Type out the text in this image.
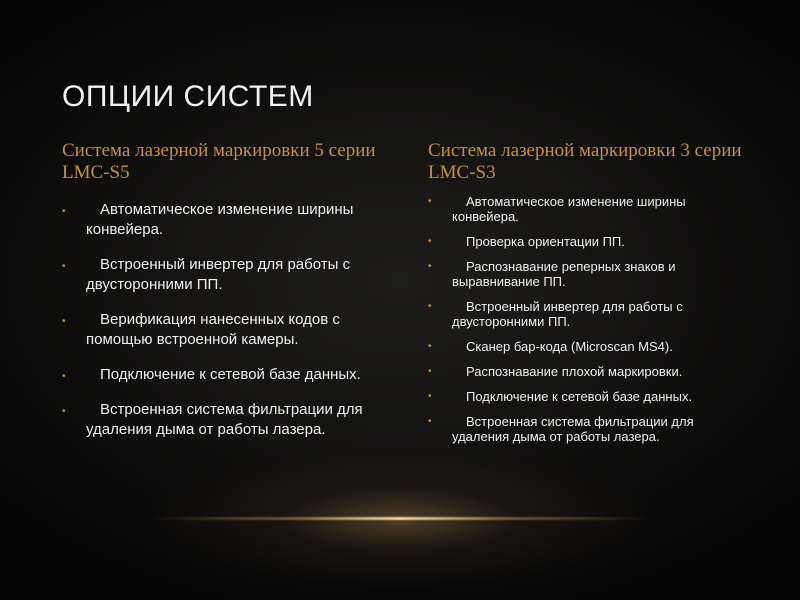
ОПЦИИ СИСТЕМ
Система лазерной маркировки 5 серии LMC-S5
•	Автоматическое изменение ширины конвейера.
•	Встроенный инвертер для работы с двусторонними ПП.
•	Верификация нанесенных кодов с помощью встроенной камеры.
•	Подключение к сетевой базе данных.
•	Встроенная система фильтрации для удаления дыма от работы лазера.
Система лазерной маркировки 3 серии LMC-S3
•	Автоматическое изменение ширины конвейера.
•	Проверка ориентации ПП.
•	Распознавание реперных знаков и выравнивание ПП.
•	Встроенный инвертер для работы с двусторонними ПП.
•	Сканер бар-кода (Microscan MS4).
•	Распознавание плохой маркировки.
•	Подключение к сетевой базе данных.
•	Встроенная система фильтрации для удаления дыма от работы лазера.
